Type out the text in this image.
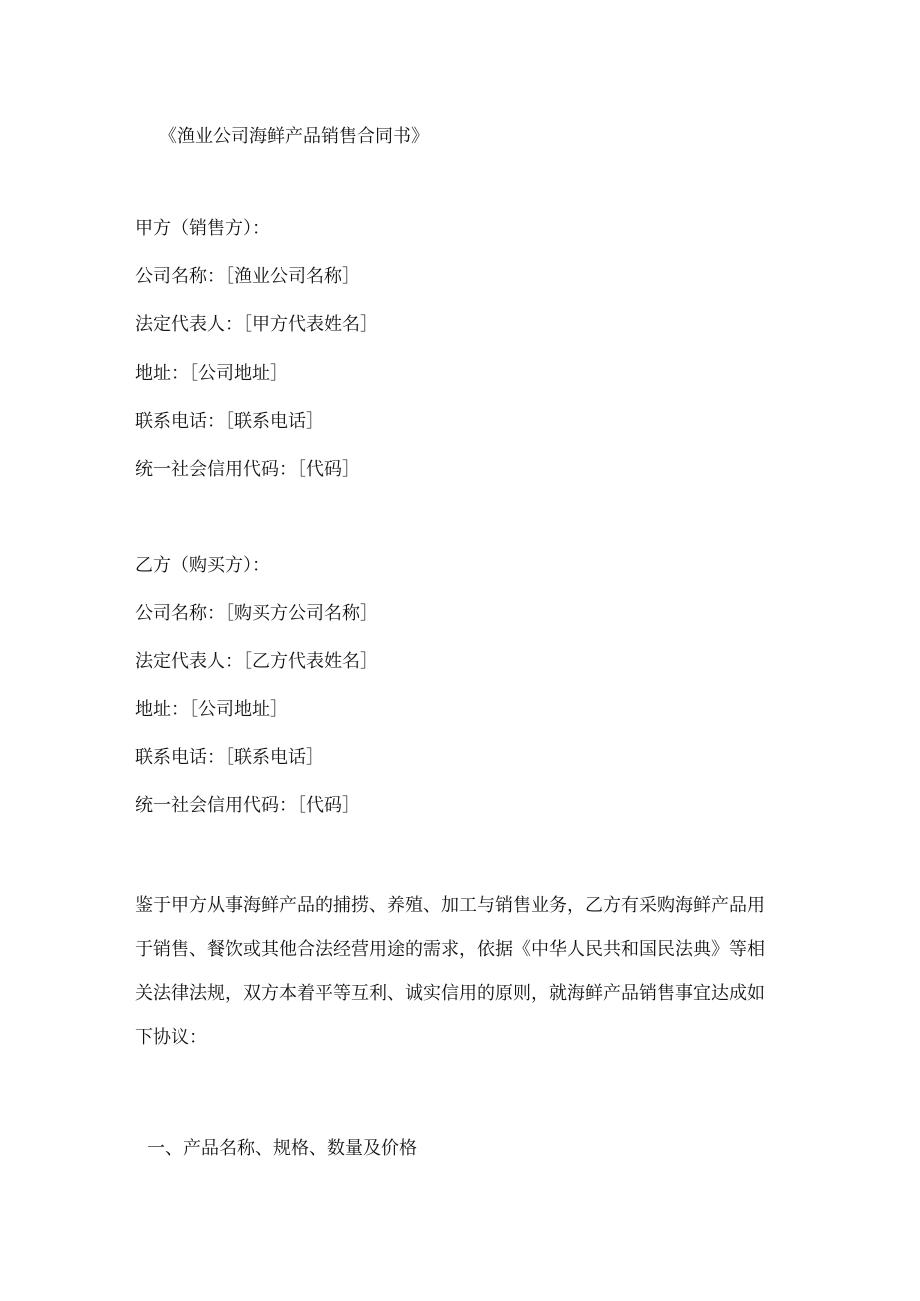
《渔业公司海鲜产品销售合同书》
甲方（销售方）：
公司名称：［渔业公司名称］
法定代表人：［甲方代表姓名］
地址：［公司地址］
联系电话：［联系电话］
统一社会信用代码：［代码］
乙方（购买方）：
公司名称：［购买方公司名称］
法定代表人：［乙方代表姓名］
地址：［公司地址］
联系电话：［联系电话］
统一社会信用代码：［代码］

鉴于甲方从事海鲜产品的捕捞、养殖、加工与销售业务，乙方有采购海鲜产品用
于销售、餐饮或其他合法经营用途的需求，依据《中华人民共和国民法典》等相
关法律法规，双方本着平等互利、诚实信用的原则，就海鲜产品销售事宜达成如
下协议：

一、产品名称、规格、数量及价格
